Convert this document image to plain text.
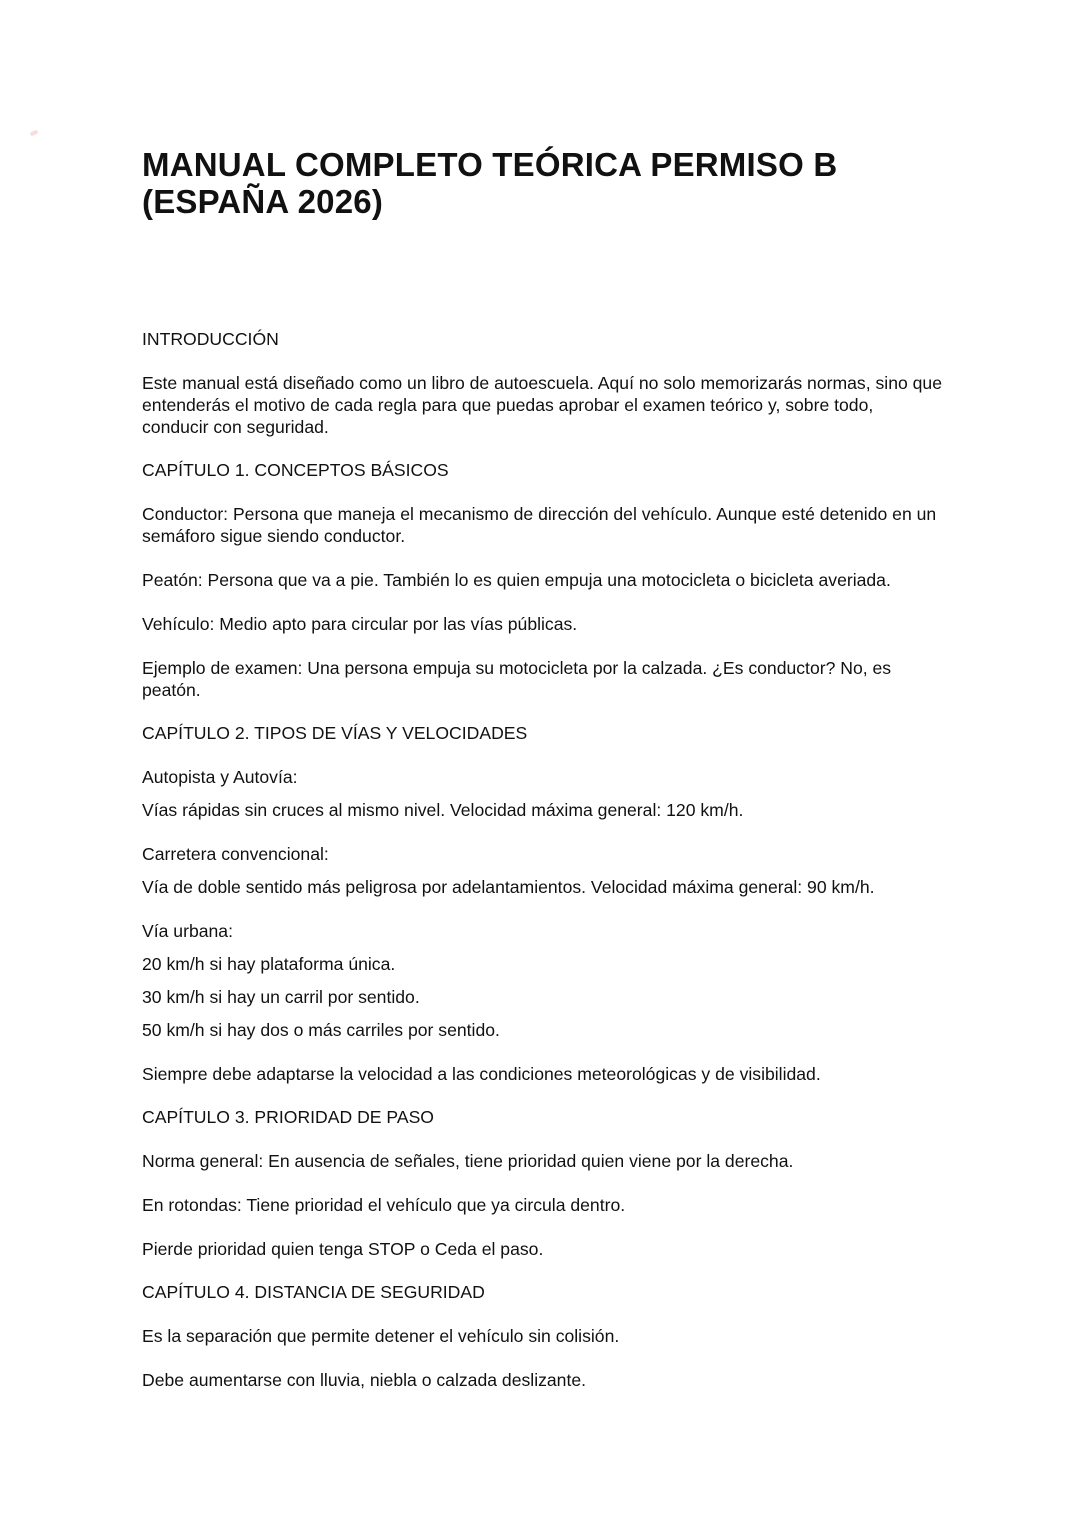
MANUAL COMPLETO TEÓRICA PERMISO B (ESPAÑA 2026)

INTRODUCCIÓN

Este manual está diseñado como un libro de autoescuela. Aquí no solo memorizarás normas, sino que entenderás el motivo de cada regla para que puedas aprobar el examen teórico y, sobre todo, conducir con seguridad.

CAPÍTULO 1. CONCEPTOS BÁSICOS

Conductor: Persona que maneja el mecanismo de dirección del vehículo. Aunque esté detenido en un semáforo sigue siendo conductor.

Peatón: Persona que va a pie. También lo es quien empuja una motocicleta o bicicleta averiada.

Vehículo: Medio apto para circular por las vías públicas.

Ejemplo de examen: Una persona empuja su motocicleta por la calzada. ¿Es conductor? No, es peatón.

CAPÍTULO 2. TIPOS DE VÍAS Y VELOCIDADES

Autopista y Autovía:

Vías rápidas sin cruces al mismo nivel. Velocidad máxima general: 120 km/h.

Carretera convencional:

Vía de doble sentido más peligrosa por adelantamientos. Velocidad máxima general: 90 km/h.

Vía urbana:

20 km/h si hay plataforma única.

30 km/h si hay un carril por sentido.

50 km/h si hay dos o más carriles por sentido.

Siempre debe adaptarse la velocidad a las condiciones meteorológicas y de visibilidad.

CAPÍTULO 3. PRIORIDAD DE PASO

Norma general: En ausencia de señales, tiene prioridad quien viene por la derecha.

En rotondas: Tiene prioridad el vehículo que ya circula dentro.

Pierde prioridad quien tenga STOP o Ceda el paso.

CAPÍTULO 4. DISTANCIA DE SEGURIDAD

Es la separación que permite detener el vehículo sin colisión.

Debe aumentarse con lluvia, niebla o calzada deslizante.
